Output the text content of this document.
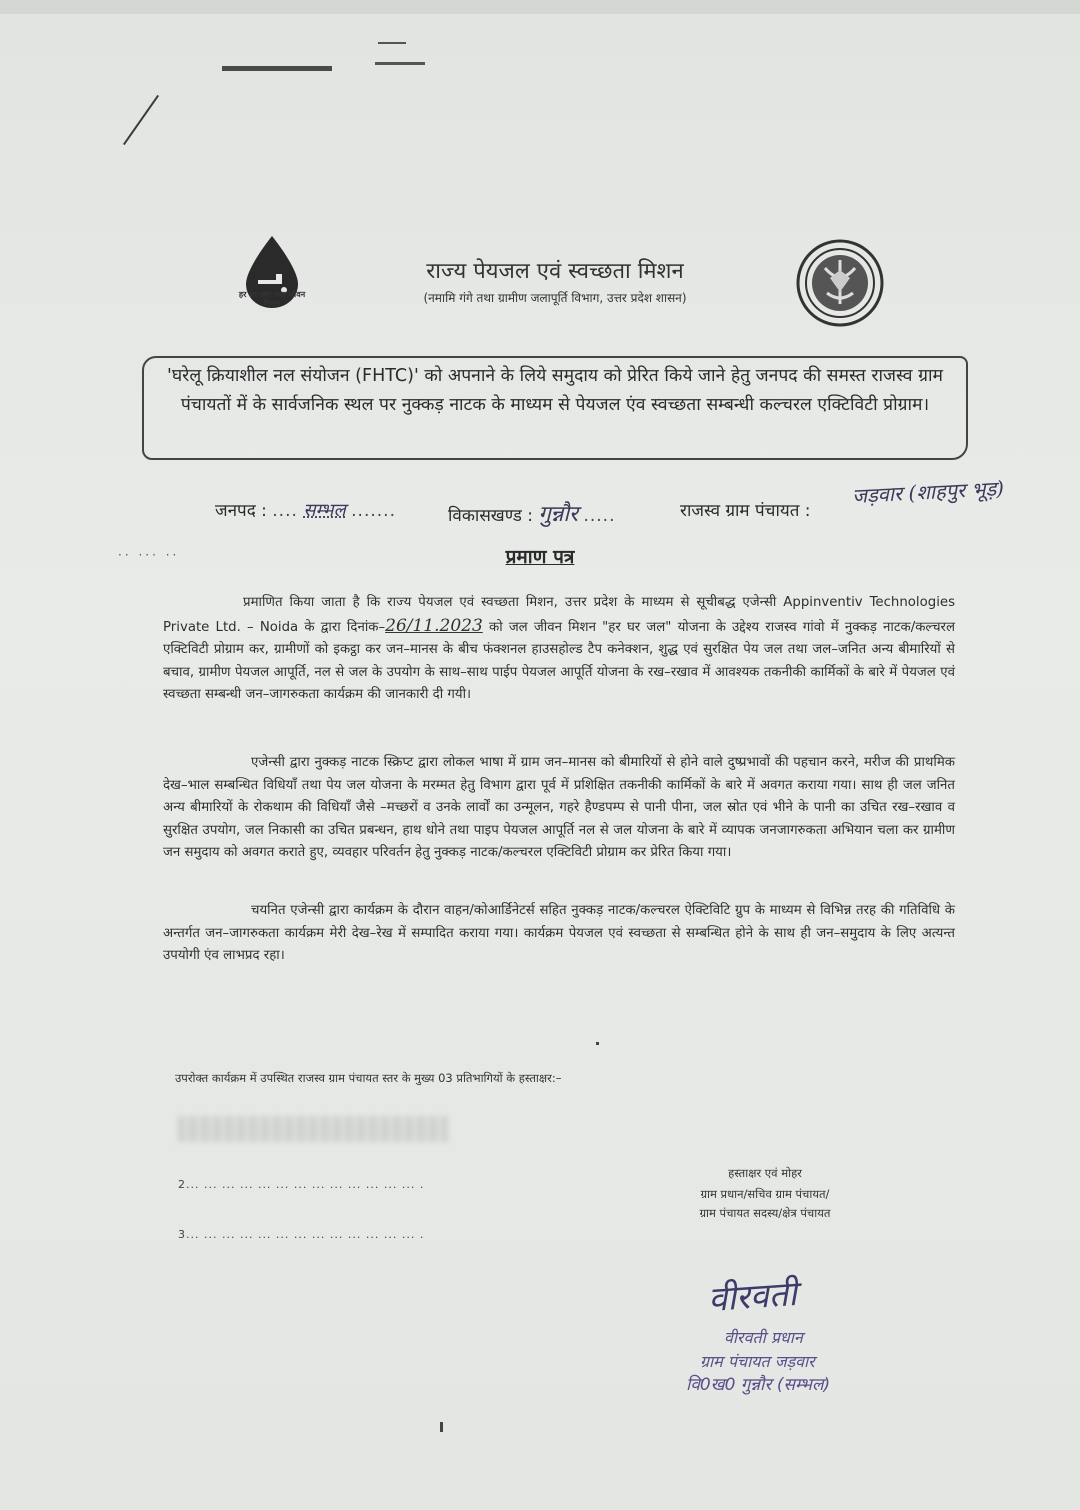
हर घर जल जल जीवन मिशन
राज्य पेयजल एवं स्वच्छता मिशन
(नमामि गंगे तथा ग्रामीण जलापूर्ति विभाग, उत्तर प्रदेश शासन)
'घरेलू क्रियाशील नल संयोजन (FHTC)' को अपनाने के लिये समुदाय को प्रेरित किये जाने हेतु जनपद की समस्त राजस्व ग्राम पंचायतों में के सार्वजनिक स्थल पर नुक्कड़ नाटक के माध्यम से पेयजल एंव स्वच्छता सम्बन्धी कल्चरल एक्टिविटी प्रोग्राम।
जनपद : .... सम्भल .......	विकासखण्ड : गुन्नौर .....	राजस्व ग्राम पंचायत :
जड़वार (शाहपुर भूड़)
·· ··· ··	प्रमाण पत्र
प्रमाणित किया जाता है कि राज्य पेयजल एवं स्वच्छता मिशन, उत्तर प्रदेश के माध्यम से सूचीबद्ध एजेन्सी Appinventiv Technologies Private Ltd. – Noida के द्वारा दिनांक–26/11.2023 को जल जीवन मिशन "हर घर जल" योजना के उद्देश्य राजस्व गांवो में नुक्कड़ नाटक/कल्चरल एक्टिविटी प्रोग्राम कर, ग्रामीणों को इकट्ठा कर जन–मानस के बीच फंक्शनल हाउसहोल्ड टैप कनेक्शन, शुद्ध एवं सुरक्षित पेय जल तथा जल–जनित अन्य बीमारियों से बचाव, ग्रामीण पेयजल आपूर्ति, नल से जल के उपयोग के साथ–साथ पाईप पेयजल आपूर्ति योजना के रख–रखाव में आवश्यक तकनीकी कार्मिकों के बारे में पेयजल एवं स्वच्छता सम्बन्धी जन–जागरुकता कार्यक्रम की जानकारी दी गयी।
एजेन्सी द्वारा नुक्कड़ नाटक स्क्रिप्ट द्वारा लोकल भाषा में ग्राम जन–मानस को बीमारियों से होने वाले दुष्प्रभावों की पहचान करने, मरीज की प्राथमिक देख–भाल सम्बन्धित विधियाँ तथा पेय जल योजना के मरम्मत हेतु विभाग द्वारा पूर्व में प्रशिक्षित तकनीकी कार्मिकों के बारे में अवगत कराया गया। साथ ही जल जनित अन्य बीमारियों के रोकथाम की विधियाँ जैसे –मच्छरों व उनके लार्वों का उन्मूलन, गहरे हैण्डपम्प से पानी पीना, जल स्रोत एवं भीने के पानी का उचित रख–रखाव व सुरक्षित उपयोग, जल निकासी का उचित प्रबन्धन, हाथ धोने तथा पाइप पेयजल आपूर्ति नल से जल योजना के बारे में व्यापक जनजागरुकता अभियान चला कर ग्रामीण जन समुदाय को अवगत कराते हुए, व्यवहार परिवर्तन हेतु नुक्कड़ नाटक/कल्चरल एक्टिविटी प्रोग्राम कर प्रेरित किया गया।
चयनित एजेन्सी द्वारा कार्यक्रम के दौरान वाहन/कोआर्डिनेटर्स सहित नुक्कड़ नाटक/कल्चरल ऐक्टिविटि ग्रुप के माध्यम से विभिन्न तरह की गतिविधि के अन्तर्गत जन–जागरुकता कार्यक्रम मेरी देख–रेख में सम्पादित कराया गया। कार्यक्रम पेयजल एवं स्वच्छता से सम्बन्धित होने के साथ ही जन–समुदाय के लिए अत्यन्त उपयोगी एंव लाभप्रद रहा।
उपरोक्त कार्यक्रम में उपस्थित राजस्व ग्राम पंचायत स्तर के मुख्य 03 प्रतिभागियों के हस्ताक्षर:–
2... ... ... ... ... ... ... ... ... ... ... ... ... .
3... ... ... ... ... ... ... ... ... ... ... ... ... .
हस्ताक्षर एवं मोहर
ग्राम प्रधान/सचिव ग्राम पंचायत/
ग्राम पंचायत सदस्य/क्षेत्र पंचायत
वीरवती
वीरवती प्रधान
ग्राम पंचायत जड़वार
वि0ख0 गुन्नौर (सम्भल)
